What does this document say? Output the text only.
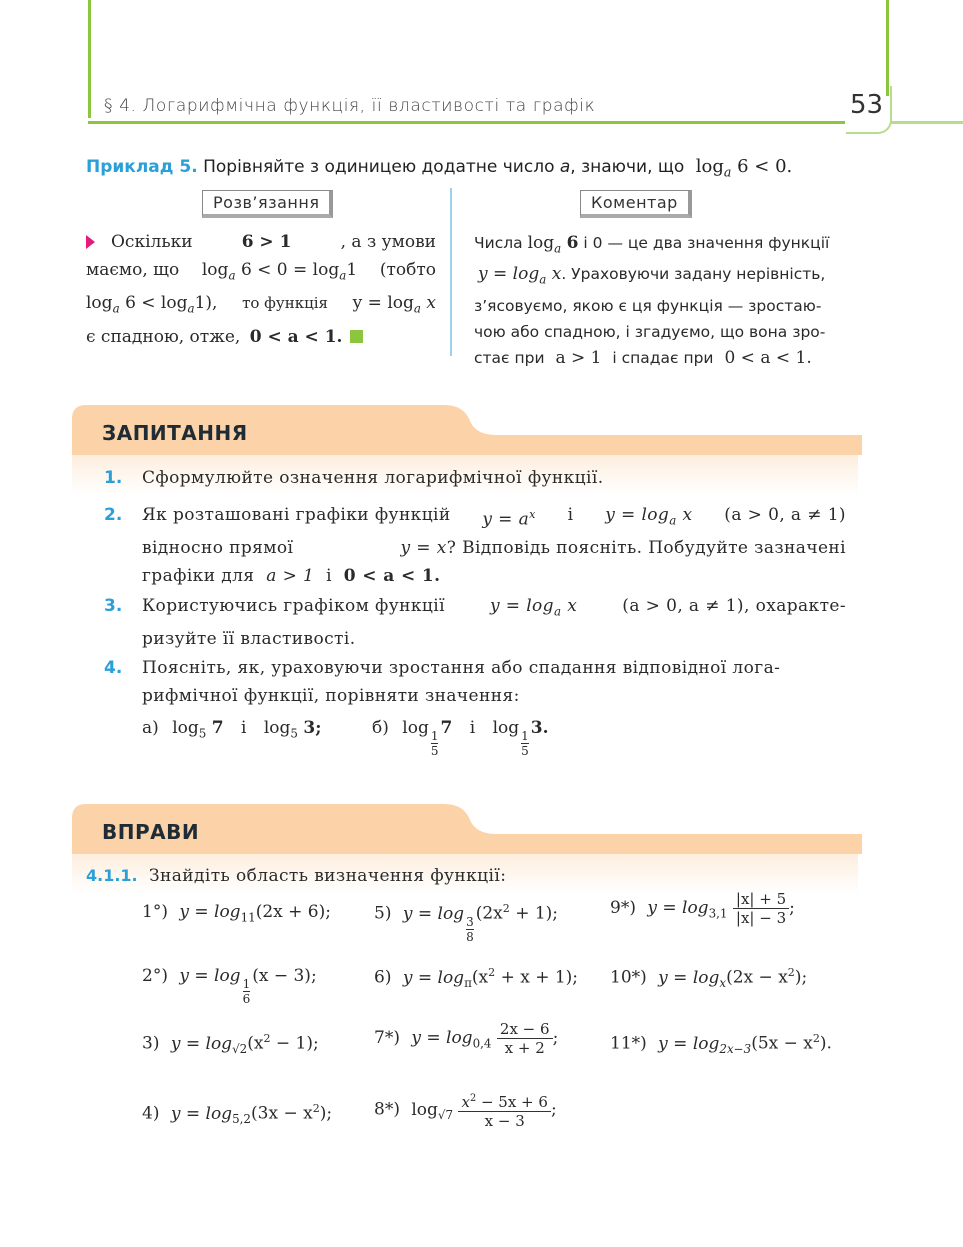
§ 4. Логарифмічна функція, її властивості та графік	53
Приклад 5. Порівняйте з одиницею додатне число a, знаючи, що $\log_a 6 < 0$.
Розв’язання	Коментар
Оскільки	6 > 1	, а з умови
маємо, що $\log_a 6 < 0 = \log_a1$ (тобто
$\log_a 6 < \log_a1$), то функція $y = \log_a x$
є спадною, отже, 0 < a < 1.
Числа $\log_a 6$ і 0 — це два значення функції
$y = \log_a x$. Ураховуючи задану нерівність,
з’ясовуємо, якою є ця функція — зростаю-
чою або спадною, і згадуємо, що вона зро-
стає при a > 1 і спадає при 0 < a < 1.
ЗАПИТАННЯ
1. Сформулюйте означення логарифмічної функції.
2. Як розташовані графіки функцій $y = a^x$ і $y = \log_a x$ (a > 0, a ≠ 1)
відносно прямої	y = x? Відповідь поясніть. Побудуйте зазначені
графіки для a > 1 і 0 < a < 1.
3. Користуючись графіком функції	$y = \log_a x$	(a > 0, a ≠ 1), охаракте-
ризуйте її властивості.
4. Поясніть, як, ураховуючи зростання або спадання відповідної лога-
рифмічної функції, порівняти значення:
а) $\log_5 7$ і $\log_5 3$;	б) log
$\frac{1}{5}$
7 і log
$\frac{1}{5}$
3.
ВПРАВИ
4.1.1. Знайдіть область визначення функції:
1°) $y = \log_{11}(2x + 6)$;
2°) y = log
$\frac{1}{6}$
(x − 3);
3) $y = \log_{√2}(x^2 - 1)$;
4) $y = \log_{5,2}(3x - x^2)$;
5) y = log
$\frac{3}{8}$
$(2x^2 + 1)$;
6) $y = \log_\pi(x^2 + x + 1)$;
7*) $y = \log_{0,4} \frac{2x - 6}{x + 2}$ ;
8*) $\log_{√7} \frac{x^2 - 5x + 6}{x - 3}$ ;
9*) $y = \log_{3,1} \frac{|x| + 5}{|x| - 3}$ ;
10*) $y = \log_x(2x - x^2)$;
11*) $y = \log_{2x-3}(5x - x^2)$.
